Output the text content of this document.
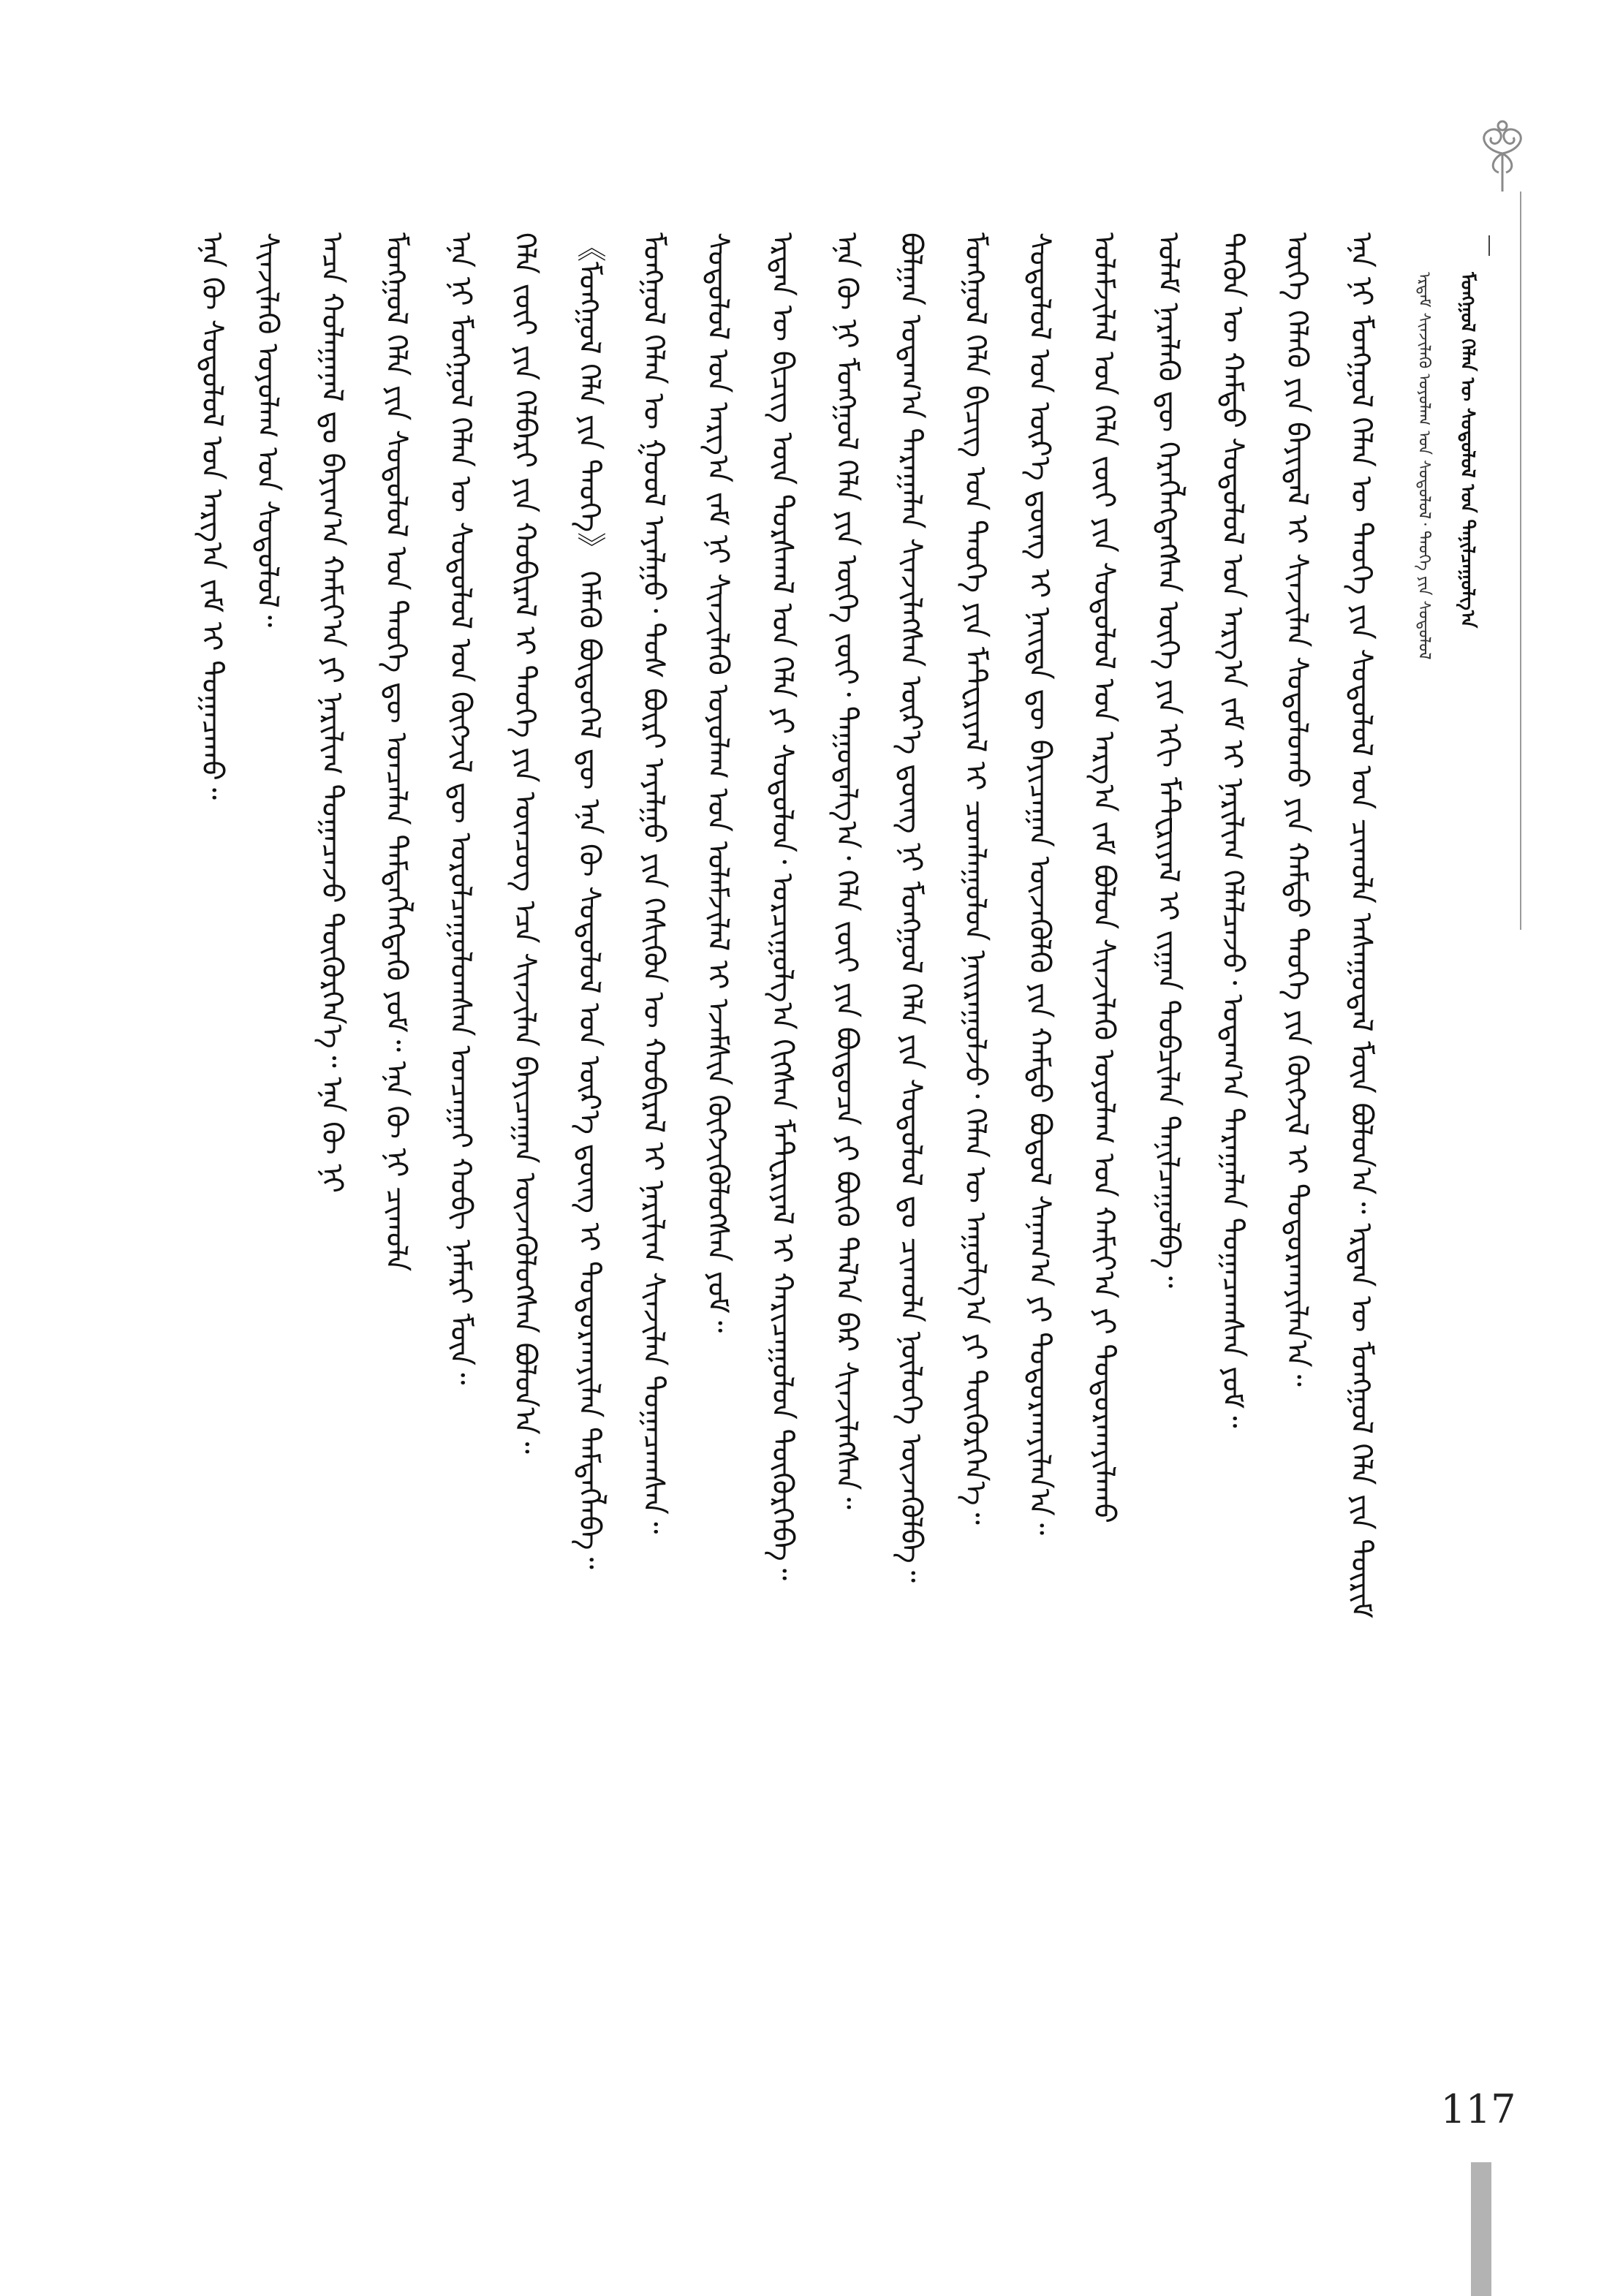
ᠮᠣᠩᠭᠣᠯ ᠬᠡᠯᠡᠨ ᠦ ᠰᠤᠳᠤᠯᠤᠯ ᠤᠨ ᠲᠠᠨᠢᠯᠴᠠᠭᠤᠯᠭ᠎ᠠ
ᠡᠷᠳᠡᠮ ᠰᠢᠨᠵᠢᠯᠡᠬᠦ ᠤᠶᠤᠯᠠᠭ ᠤᠨ ᠰᠤᠳᠤᠯᠤᠯ᠂ ᠲᠡᠦᠬᠡ ᠶᠢᠨ ᠰᠤᠳᠤᠯᠤᠯ
ᠡᠨᠡ ᠨᠢ ᠮᠣᠩᠭᠣᠯ ᠬᠡᠯᠡᠨ ᠦ ᠲᠡᠦᠬᠡ ᠶᠢᠨ ᠰᠤᠳᠤᠯᠤᠯ ᠤᠨ ᠴᠢᠬᠤᠯᠠ ᠠᠰᠠᠭᠤᠳᠠᠯ ᠮᠥᠨ ᠪᠣᠯᠤᠨ᠎ᠠ᠃ ᠡᠷᠲᠡᠨ ᠦ ᠮᠣᠩᠭᠣᠯ ᠬᠡᠯᠡ ᠶᠢᠨ ᠳᠦᠷᠢᠮ
ᠦᠭᠡ ᠬᠡᠯᠡᠬᠦ ᠶᠢᠨ ᠪᠠᠶᠢᠳᠠᠯ ᠢ ᠰᠢᠨᠵᠢᠯᠡᠨ ᠰᠤᠳᠤᠯᠤᠬᠤ ᠶᠢᠨ ᠬᠠᠮᠲᠤ ᠲᠡᠦᠬᠡ ᠶᠢᠨ ᠬᠥᠭᠵᠢᠯ ᠢ ᠲᠣᠳᠣᠷᠬᠠᠶᠢᠯᠠᠨ᠎ᠠ᠃
ᠲᠡᠭᠦᠨ ᠦ ᠬᠠᠮᠲᠤ ᠰᠤᠳᠤᠯᠤᠯ ᠤᠨ ᠠᠷᠭ᠎ᠠ ᠵᠠᠮ ᠢ ᠨᠠᠷᠢᠯᠢᠭ ᠬᠡᠯᠡᠯᠴᠡᠵᠦ᠂ ᠤᠳᠠᠭ᠎ᠠ ᠳᠠᠷᠠᠭᠠᠯᠠᠨ ᠲᠣᠭᠠᠴᠠᠭᠰᠠᠨ ᠶᠤᠮ᠃
ᠤᠯᠠᠮ ᠨᠡᠷᠡᠯᠡᠬᠦ ᠳᠦ ᠬᠡᠷᠡᠭᠯᠡᠭᠳᠡᠭᠰᠡᠨ ᠦᠭᠡ ᠶᠢᠨ ᠡᠬᠢ ᠮᠠᠲᠸᠷᠢᠶᠠᠯ ᠢ ᠵᠢᠭᠠᠨ ᠲᠣᠪᠴᠢᠯᠠᠨ ᠲᠠᠨᠢᠯᠴᠠᠭᠤᠯᠪᠠ᠃
ᠤᠯᠠᠮᠵᠢᠯᠠᠯ ᠤᠨ ᠬᠡᠯᠡ ᠵᠦᠢ ᠶᠢᠨ ᠰᠤᠳᠤᠯᠤᠯ ᠤᠨ ᠠᠷᠭ᠎ᠠ ᠵᠠᠮ ᠪᠣᠯᠤᠨ ᠰᠢᠨᠵᠢᠯᠡᠬᠦ ᠤᠶᠤᠯᠠᠭ ᠤᠨ ᠬᠠᠮᠢᠶ᠎ᠠ ᠶᠢ ᠲᠣᠳᠣᠷᠬᠠᠶᠢᠯᠠᠬᠤ
ᠰᠤᠳᠤᠯᠤᠯ ᠤᠨ ᠦᠷ᠎ᠡ ᠳ᠋ᠦᠩ ᠢ ᠨᠡᠢᠲᠡ ᠳᠦ ᠪᠠᠶᠢᠴᠠᠭᠠᠨ ᠦᠵᠡᠭᠦᠯᠬᠦ ᠶᠢᠨ ᠬᠠᠮᠲᠤ ᠪᠣᠳᠤᠯ ᠰᠠᠨᠠᠭ᠎ᠠ ᠶᠢ ᠲᠣᠳᠣᠷᠬᠠᠶᠢᠯᠠᠨ᠎ᠠ᠃
ᠮᠣᠩᠭᠣᠯ ᠬᠡᠯᠡ ᠪᠢᠴᠢᠭ ᠤᠨ ᠲᠡᠦᠬᠡ ᠶᠢᠨ ᠮᠠᠲᠸᠷᠢᠶᠠᠯ ᠢ ᠴᠤᠭᠯᠠᠭᠤᠯᠤᠨ ᠨᠠᠢᠷᠠᠭᠤᠯᠵᠤ᠂ ᠬᠡᠯᠡᠨ ᠦ ᠠᠭᠤᠯᠭ᠎ᠠ ᠶᠢ ᠳᠦᠭᠦᠷᠭᠡᠨ᠎ᠡ᠃
ᠪᠣᠯᠭᠠᠨ ᠤᠳᠠᠭ᠎ᠠ ᠳᠠᠷᠠᠭᠠᠯᠠᠨ ᠰᠢᠨᠵᠢᠯᠡᠭᠰᠡᠨ ᠦᠷ᠎ᠡ ᠳ᠋ᠦᠩ ᠨᠢ ᠮᠣᠩᠭᠣᠯ ᠬᠡᠯᠡ ᠶᠢᠨ ᠰᠤᠳᠤᠯᠤᠯ ᠳᠤ ᠴᠢᠬᠤᠯᠠ ᠨᠥᠯᠦᠭᠡ ᠦᠵᠡᠭᠦᠯᠪᠡ᠃
ᠡᠨᠡ ᠬᠦ ᠨᠢ ᠮᠣᠩᠭᠣᠯ ᠬᠡᠯᠡ ᠶᠢᠨ ᠦᠭᠡ ᠵᠦᠢ᠂ ᠳᠠᠭᠤᠳᠠᠯᠭ᠎ᠠ᠂ ᠬᠡᠯᠡ ᠵᠦᠢ ᠶᠢᠨ ᠪᠦᠲᠦᠴᠡ ᠶᠢ ᠪᠦᠬᠦ ᠲᠠᠯ᠎ᠠ ᠪᠠᠷ ᠰᠢᠨᠵᠢᠯᠡᠭᠰᠡᠨ᠃
ᠡᠷᠲᠡᠨ ᠦ ᠪᠢᠴᠢᠭ ᠦᠨ ᠳᠤᠷᠰᠭᠠᠯ ᠤᠨ ᠬᠡᠯᠡ ᠶᠢ ᠰᠣᠳᠤᠯᠤᠨ᠂ ᠣᠷᠴᠢᠭᠤᠯᠭ᠎ᠠ ᠬᠢᠭᠰᠡᠨ ᠮᠠᠲᠸᠷᠢᠶᠠᠯ ᠢ ᠬᠠᠷᠢᠴᠠᠭᠤᠯᠤᠨ ᠳᠦᠭᠦᠷᠭᠡᠪᠡ᠃
ᠰᠤᠳᠤᠯᠤᠯ ᠤᠨ ᠠᠷᠭ᠎ᠠ ᠵᠠᠮ ᠨᠢ ᠰᠢᠨᠵᠢᠯᠡᠬᠦ ᠤᠶᠤᠯᠠᠭ ᠤᠨ ᠤᠯᠠᠮᠵᠢᠯᠠᠯ ᠢ ᠡᠵᠡᠮᠰᠢᠨ ᠬᠥᠭᠵᠢᠭᠦᠯᠦᠭᠰᠡᠨ ᠶᠤᠮ᠃
ᠮᠣᠩᠭᠣᠯ ᠬᠡᠯᠡᠨ ᠦ ᠭᠣᠣᠯ ᠠᠶᠠᠯᠭᠤ᠂ ᠲᠤᠰ ᠪᠦᠷᠢ ᠠᠶᠠᠯᠭᠤ ᠶᠢᠨ ᠭᠡᠰᠢᠭᠦᠨ ᠦ ᠬᠤᠪᠢᠷᠠᠯ ᠢ ᠨᠠᠷᠢᠯᠢᠭ ᠰᠢᠨᠵᠢᠯᠡᠨ ᠲᠣᠭᠠᠴᠠᠭᠰᠠᠨ᠃
《ᠮᠣᠩᠭᠣᠯ ᠬᠡᠯᠡ ᠶᠢᠨ ᠲᠡᠦᠬᠡ》 ᠬᠡᠮᠡᠬᠦ ᠪᠦᠲᠦᠭᠡᠯ ᠳᠦ ᠡᠨᠡ ᠬᠦ ᠰᠤᠳᠤᠯᠤᠯ ᠤᠨ ᠦᠷ᠎ᠡ ᠳ᠋ᠦᠩ ᠢ ᠲᠣᠳᠣᠷᠬᠠᠶᠢᠯᠠᠨ ᠲᠡᠮᠳᠡᠭᠯᠡᠪᠡ᠃
ᠬᠡᠯᠡ ᠵᠦᠢ ᠶᠢᠨ ᠬᠡᠯᠪᠡᠷᠢ ᠶᠢᠨ ᠬᠤᠪᠢᠷᠠᠯ ᠢ ᠲᠡᠦᠬᠡ ᠶᠢᠨ ᠥᠨᠴᠥᠭ ᠡᠴᠡ ᠰᠢᠨᠵᠢᠯᠡᠨ ᠪᠠᠶᠢᠴᠠᠭᠠᠨ ᠦᠵᠡᠭᠦᠯᠦᠭᠰᠡᠨ ᠪᠣᠯᠤᠨ᠎ᠠ᠃
ᠡᠨᠡ ᠨᠢ ᠮᠣᠩᠭᠣᠯ ᠬᠡᠯᠡᠨ ᠦ ᠰᠤᠳᠤᠯᠤᠯ ᠤᠨ ᠬᠥᠭᠵᠢᠯ ᠳᠦ ᠣᠷᠣᠯᠴᠠᠭᠤᠯᠤᠭᠰᠠᠨ ᠤᠨᠴᠠᠭᠠᠢ ᠬᠤᠪᠢ ᠨᠡᠮᠡᠷᠢ ᠮᠥᠨ᠃
ᠮᠣᠩᠭᠣᠯ ᠬᠡᠯᠡ ᠶᠢᠨ ᠰᠤᠳᠤᠯᠤᠯ ᠤᠨ ᠲᠡᠦᠬᠡ ᠳᠦ ᠣᠨᠴᠠᠯᠠᠨ ᠲᠡᠮᠳᠡᠭᠯᠡᠭᠳᠡᠬᠦ ᠶᠤᠮ᠃ ᠡᠨᠡ ᠬᠦ ᠨᠢ ᠴᠢᠬᠤᠯᠠ
ᠠᠴᠠ ᠬᠤᠯᠠᠭᠠᠨᠠᠯ ᠳᠤ ᠪᠠᠶᠢᠭ᠎ᠠ ᠬᠠᠮᠢᠶ᠎ᠠ ᠶᠢ ᠨᠠᠷᠢᠯᠢᠭ ᠲᠣᠭᠠᠴᠠᠵᠤ ᠳᠦᠭᠦᠷᠭᠡᠨ᠎ᠡ᠃ ᠡᠨᠡ ᠬᠦ ᠨᠢ
ᠰᠢᠨᠵᠢᠯᠡᠬᠦ ᠤᠶᠤᠯᠠᠭ ᠤᠨ ᠰᠤᠳᠤᠯᠤᠯ᠃
ᠡᠨᠡ ᠬᠦ ᠰᠤᠳᠤᠯᠤᠯ ᠤᠨ ᠠᠷᠭ᠎ᠠ ᠵᠠᠮ ᠢ ᠲᠣᠭᠠᠴᠠᠬᠤ᠃
117
